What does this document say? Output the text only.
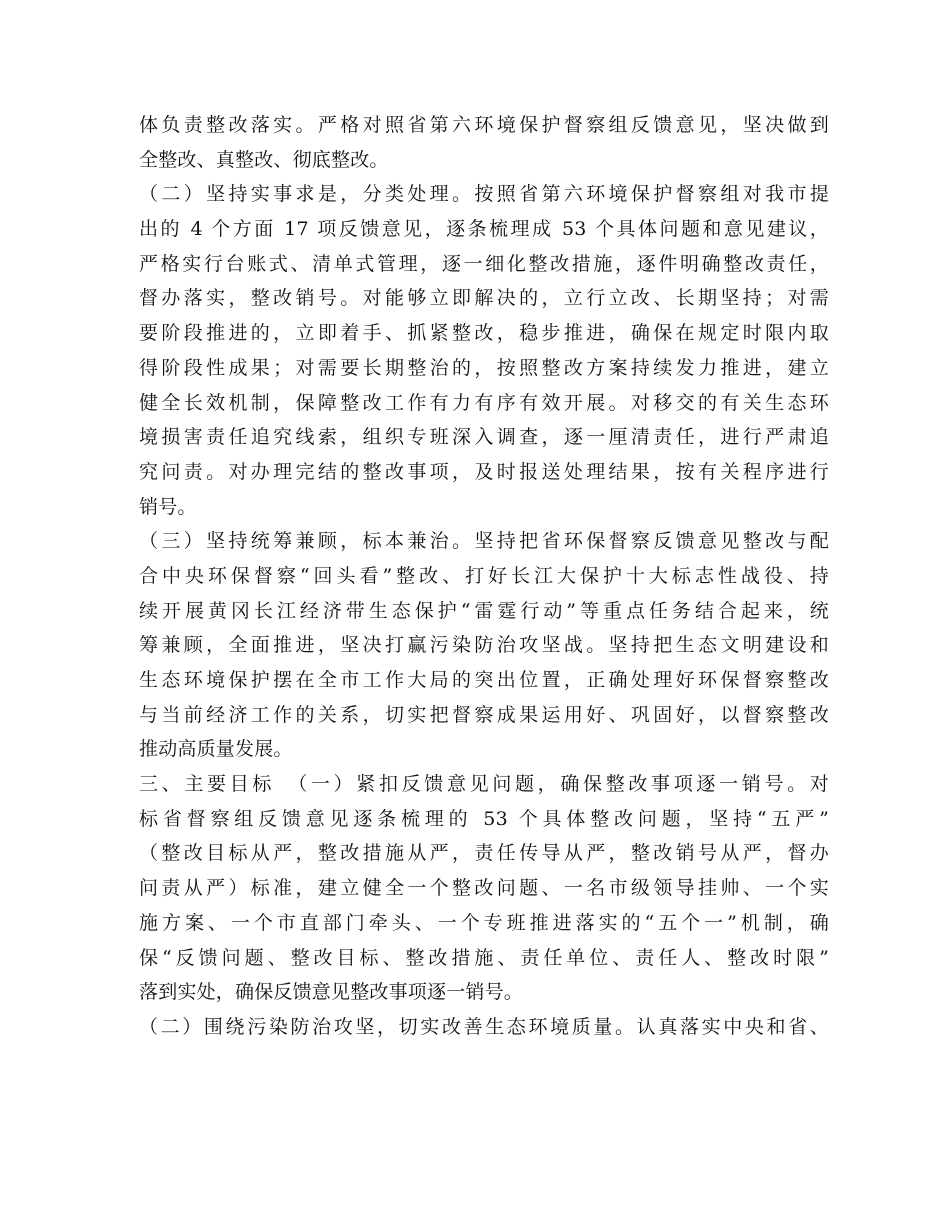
体负责整改落实。严格对照省第六环境保护督察组反馈意见，坚决做到
全整改、真整改、彻底整改。
（二）坚持实事求是，分类处理。按照省第六环境保护督察组对我市提
出的 4 个方面 17 项反馈意见，逐条梳理成 53 个具体问题和意见建议，
严格实行台账式、清单式管理，逐一细化整改措施，逐件明确整改责任，
督办落实，整改销号。对能够立即解决的，立行立改、长期坚持；对需
要阶段推进的，立即着手、抓紧整改，稳步推进，确保在规定时限内取
得阶段性成果；对需要长期整治的，按照整改方案持续发力推进，建立
健全长效机制，保障整改工作有力有序有效开展。对移交的有关生态环
境损害责任追究线索，组织专班深入调查，逐一厘清责任，进行严肃追
究问责。对办理完结的整改事项，及时报送处理结果，按有关程序进行
销号。
（三）坚持统筹兼顾，标本兼治。坚持把省环保督察反馈意见整改与配
合中央环保督察“回头看”整改、打好长江大保护十大标志性战役、持
续开展黄冈长江经济带生态保护“雷霆行动”等重点任务结合起来，统
筹兼顾，全面推进，坚决打赢污染防治攻坚战。坚持把生态文明建设和
生态环境保护摆在全市工作大局的突出位置，正确处理好环保督察整改
与当前经济工作的关系，切实把督察成果运用好、巩固好，以督察整改
推动高质量发展。
三、主要目标　（一）紧扣反馈意见问题，确保整改事项逐一销号。对
标省督察组反馈意见逐条梳理的 53 个具体整改问题，坚持“五严”
（整改目标从严，整改措施从严，责任传导从严，整改销号从严，督办
问责从严）标准，建立健全一个整改问题、一名市级领导挂帅、一个实
施方案、一个市直部门牵头、一个专班推进落实的“五个一”机制，确
保“反馈问题、整改目标、整改措施、责任单位、责任人、整改时限”
落到实处，确保反馈意见整改事项逐一销号。
（二）围绕污染防治攻坚，切实改善生态环境质量。认真落实中央和省、
